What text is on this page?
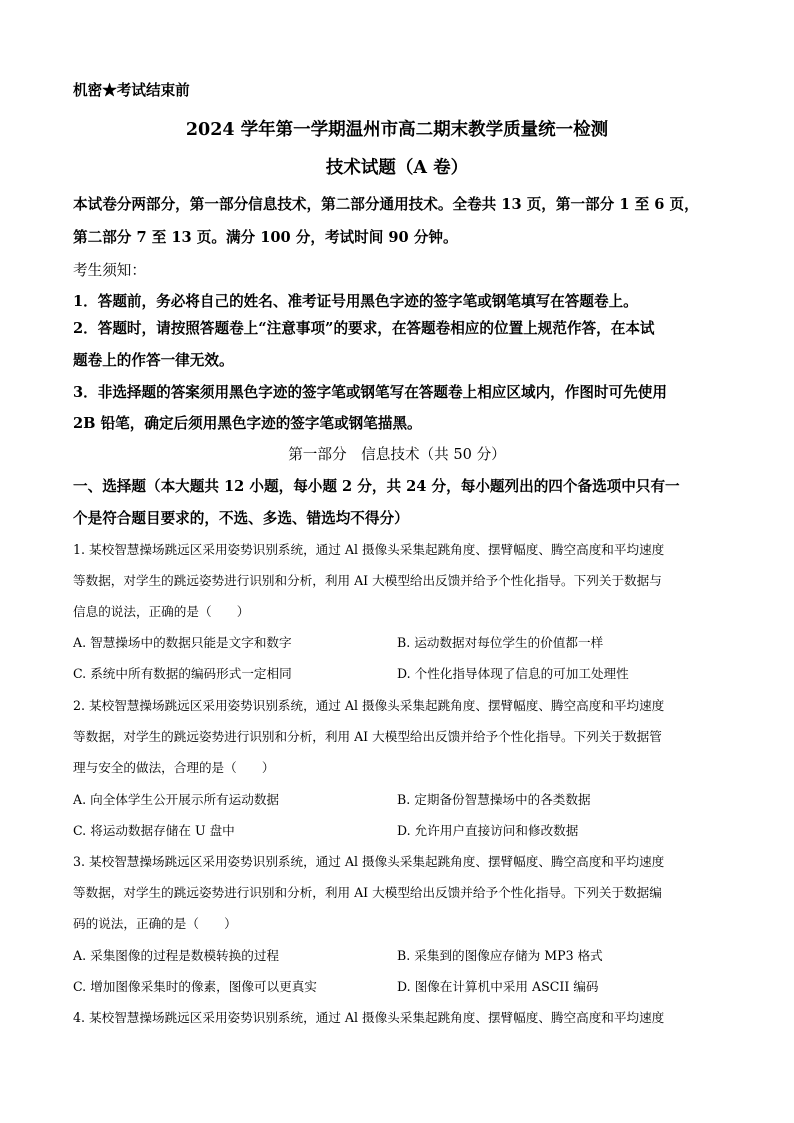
机密★考试结束前
2024 学年第一学期温州市高二期末教学质量统一检测
技术试题（A 卷）
本试卷分两部分，第一部分信息技术，第二部分通用技术。全卷共 13 页，第一部分 1 至 6 页，
第二部分 7 至 13 页。满分 100 分，考试时间 90 分钟。
考生须知：
1．答题前，务必将自己的姓名、准考证号用黑色字迹的签字笔或钢笔填写在答题卷上。
2．答题时，请按照答题卷上“注意事项”的要求，在答题卷相应的位置上规范作答，在本试
题卷上的作答一律无效。
3．非选择题的答案须用黑色字迹的签字笔或钢笔写在答题卷上相应区域内，作图时可先使用
2B 铅笔，确定后须用黑色字迹的签字笔或钢笔描黑。
第一部分　信息技术（共 50 分）
一、选择题（本大题共 12 小题，每小题 2 分，共 24 分，每小题列出的四个备选项中只有一
个是符合题目要求的，不选、多选、错选均不得分）
1. 某校智慧操场跳远区采用姿势识别系统，通过 Al 摄像头采集起跳角度、摆臂幅度、腾空高度和平均速度
等数据，对学生的跳远姿势进行识别和分析，利用 AI 大模型给出反馈并给予个性化指导。下列关于数据与
信息的说法，正确的是（　　）
A. 智慧操场中的数据只能是文字和数字	B. 运动数据对每位学生的价值都一样
C. 系统中所有数据的编码形式一定相同	D. 个性化指导体现了信息的可加工处理性
2. 某校智慧操场跳远区采用姿势识别系统，通过 Al 摄像头采集起跳角度、摆臂幅度、腾空高度和平均速度
等数据，对学生的跳远姿势进行识别和分析，利用 AI 大模型给出反馈并给予个性化指导。下列关于数据管
理与安全的做法，合理的是（　　）
A. 向全体学生公开展示所有运动数据	B. 定期备份智慧操场中的各类数据
C. 将运动数据存储在 U 盘中	D. 允许用户直接访问和修改数据
3. 某校智慧操场跳远区采用姿势识别系统，通过 Al 摄像头采集起跳角度、摆臂幅度、腾空高度和平均速度
等数据，对学生的跳远姿势进行识别和分析，利用 AI 大模型给出反馈并给予个性化指导。下列关于数据编
码的说法，正确的是（　　）
A. 采集图像的过程是数模转换的过程	B. 采集到的图像应存储为 MP3 格式
C. 增加图像采集时的像素，图像可以更真实	D. 图像在计算机中采用 ASCII 编码
4. 某校智慧操场跳远区采用姿势识别系统，通过 Al 摄像头采集起跳角度、摆臂幅度、腾空高度和平均速度
